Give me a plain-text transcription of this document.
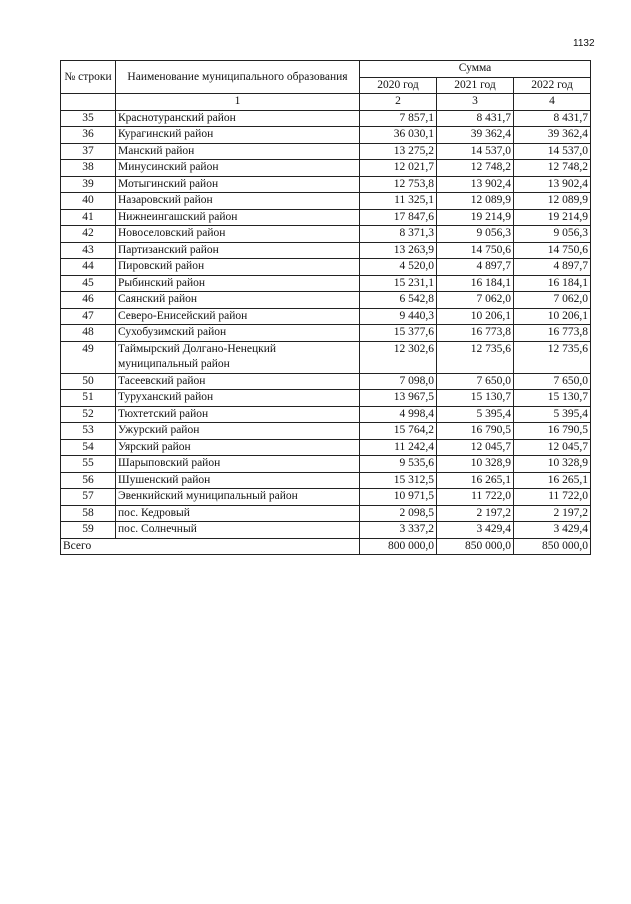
1132
№ строки	Наименование муниципального образования	Сумма		
		2020 год	2021 год	2022 год
	1	2	3	4
35	Краснотуранский район	7 857,1	8 431,7	8 431,7
36	Курагинский район	36 030,1	39 362,4	39 362,4
37	Манский район	13 275,2	14 537,0	14 537,0
38	Минусинский район	12 021,7	12 748,2	12 748,2
39	Мотыгинский район	12 753,8	13 902,4	13 902,4
40	Назаровский район	11 325,1	12 089,9	12 089,9
41	Нижнеингашский район	17 847,6	19 214,9	19 214,9
42	Новоселовский район	8 371,3	9 056,3	9 056,3
43	Партизанский район	13 263,9	14 750,6	14 750,6
44	Пировский район	4 520,0	4 897,7	4 897,7
45	Рыбинский район	15 231,1	16 184,1	16 184,1
46	Саянский район	6 542,8	7 062,0	7 062,0
47	Северо-Енисейский район	9 440,3	10 206,1	10 206,1
48	Сухобузимский район	15 377,6	16 773,8	16 773,8
49	Таймырский Долгано-Ненецкий муниципальный район	12 302,6	12 735,6	12 735,6
50	Тасеевский район	7 098,0	7 650,0	7 650,0
51	Туруханский район	13 967,5	15 130,7	15 130,7
52	Тюхтетский район	4 998,4	5 395,4	5 395,4
53	Ужурский район	15 764,2	16 790,5	16 790,5
54	Уярский район	11 242,4	12 045,7	12 045,7
55	Шарыповский район	9 535,6	10 328,9	10 328,9
56	Шушенский район	15 312,5	16 265,1	16 265,1
57	Эвенкийский муниципальный район	10 971,5	11 722,0	11 722,0
58	пос. Кедровый	2 098,5	2 197,2	2 197,2
59	пос. Солнечный	3 337,2	3 429,4	3 429,4
Всего		800 000,0	850 000,0	850 000,0
